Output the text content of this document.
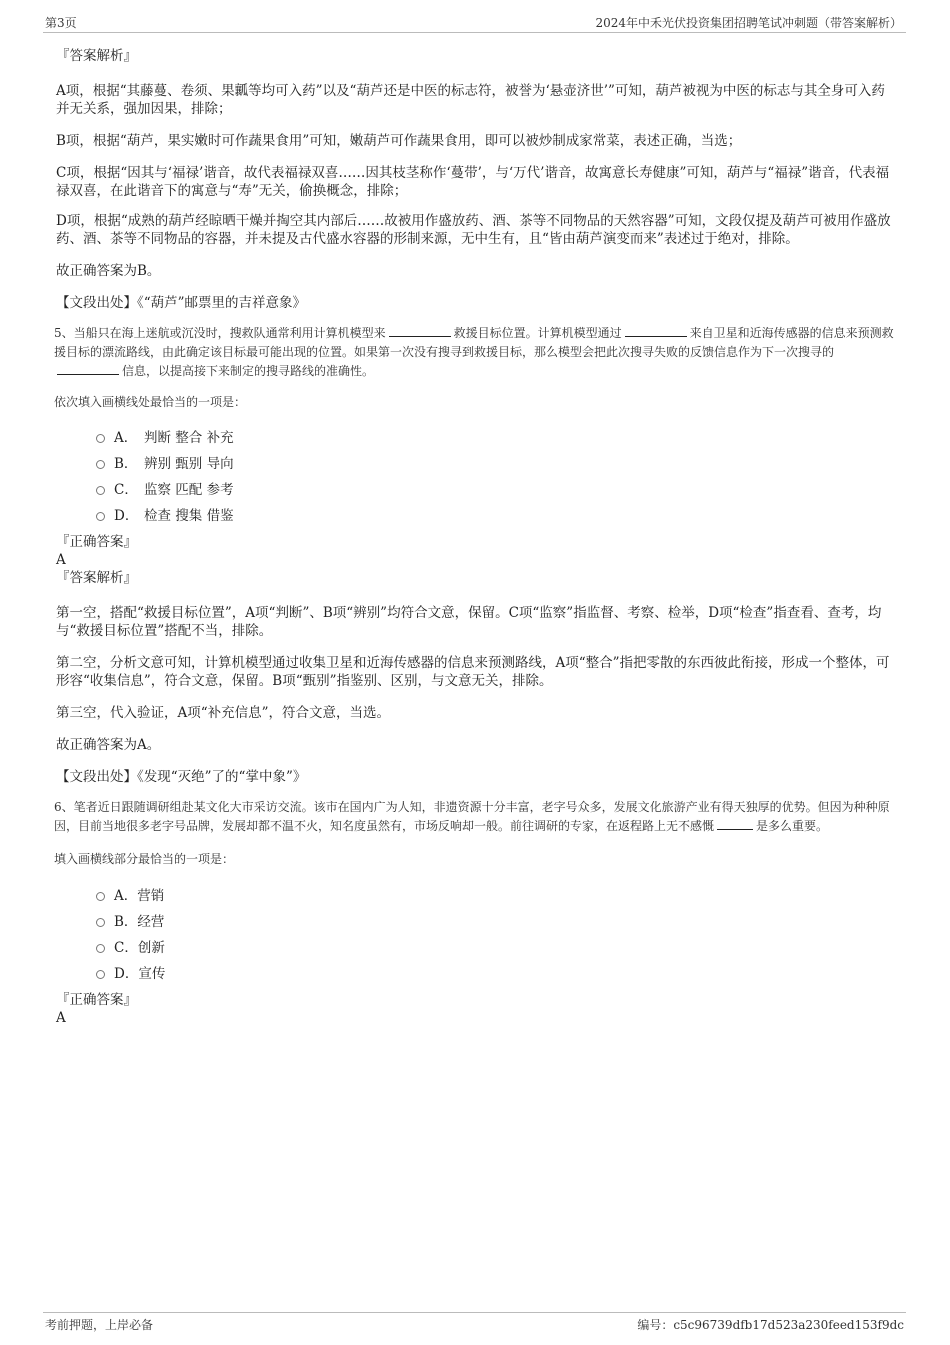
第3页	2024年中禾光伏投资集团招聘笔试冲刺题（带答案解析）
『答案解析』
A项，根据“其藤蔓、卷须、果瓤等均可入药”以及“葫芦还是中医的标志符，被誉为‘悬壶济世’”可知，葫芦被视为中医的标志与其全身可入药并无关系，强加因果，排除；
B项，根据“葫芦，果实嫩时可作蔬果食用”可知，嫩葫芦可作蔬果食用，即可以被炒制成家常菜，表述正确，当选；
C项，根据“因其与‘福禄’谐音，故代表福禄双喜……因其枝茎称作‘蔓带’，与‘万代’谐音，故寓意长寿健康”可知，葫芦与“福禄”谐音，代表福禄双喜，在此谐音下的寓意与“寿”无关，偷换概念，排除；
D项，根据“成熟的葫芦经晾晒干燥并掏空其内部后……故被用作盛放药、酒、茶等不同物品的天然容器”可知，文段仅提及葫芦可被用作盛放药、酒、茶等不同物品的容器，并未提及古代盛水容器的形制来源，无中生有，且“皆由葫芦演变而来”表述过于绝对，排除。
故正确答案为B。
【文段出处】《“葫芦”邮票里的吉祥意象》
5、当船只在海上迷航或沉没时，搜救队通常利用计算机模型来	救援目标位置。计算机模型通过	来自卫星和近海传感器的信息来预测救援目标的漂流路线，由此确定该目标最可能出现的位置。如果第一次没有搜寻到救援目标，那么模型会把此次搜寻失败的反馈信息作为下一次搜寻的信息，以提高接下来制定的搜寻路线的准确性。
依次填入画横线处最恰当的一项是：
A． 判断 整合 补充
B． 辨别 甄别 导向
C． 监察 匹配 参考
D． 检查 搜集 借鉴
『正确答案』
A
『答案解析』
第一空，搭配“救援目标位置”，A项“判断”、B项“辨别”均符合文意，保留。C项“监察”指监督、考察、检举，D项“检查”指查看、查考，均与“救援目标位置”搭配不当，排除。
第二空，分析文意可知，计算机模型通过收集卫星和近海传感器的信息来预测路线，A项“整合”指把零散的东西彼此衔接，形成一个整体，可形容“收集信息”，符合文意，保留。B项“甄别”指鉴别、区别，与文意无关，排除。
第三空，代入验证，A项“补充信息”，符合文意，当选。
故正确答案为A。
【文段出处】《发现“灭绝”了的“掌中象”》
6、笔者近日跟随调研组赴某文化大市采访交流。该市在国内广为人知，非遗资源十分丰富，老字号众多，发展文化旅游产业有得天独厚的优势。但因为种种原因，目前当地很多老字号品牌，发展却都不温不火，知名度虽然有，市场反响却一般。前往调研的专家，在返程路上无不感慨	是多么重要。
填入画横线部分最恰当的一项是：
A．营销
B．经营
C．创新
D．宣传
『正确答案』
A
考前押题，上岸必备	编号：c5c96739dfb17d523a230feed153f9dc
